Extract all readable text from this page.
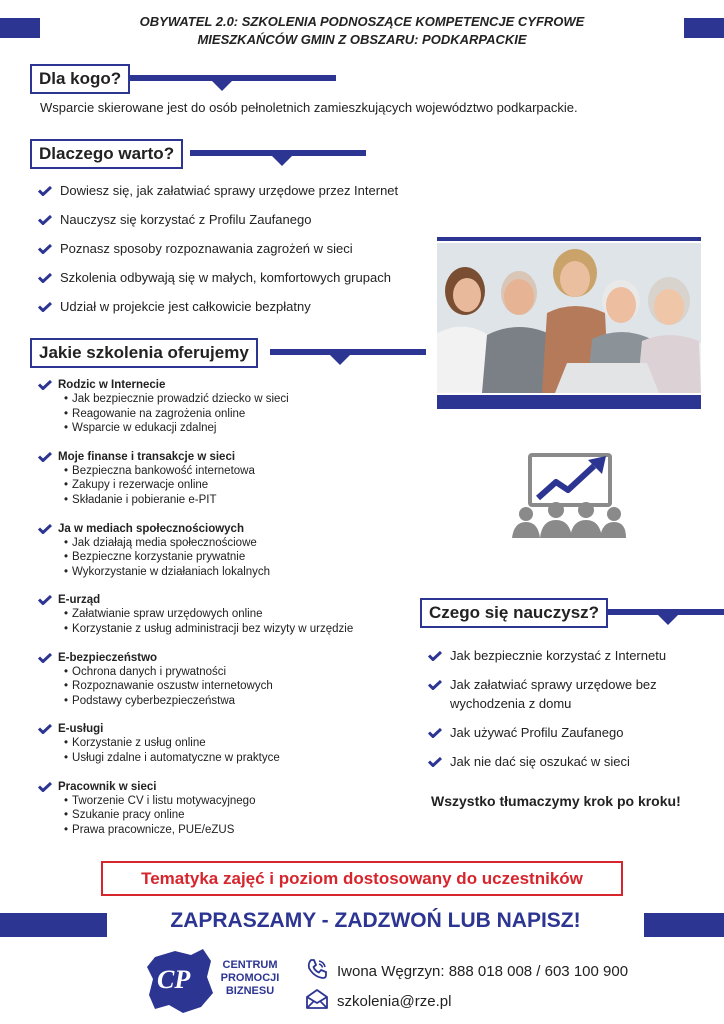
OBYWATEL 2.0: SZKOLENIA PODNOSZĄCE KOMPETENCJE CYFROWE
MIESZKAŃCÓW GMIN Z OBSZARU: PODKARPACKIE
Dla kogo?
Wsparcie skierowane jest do osób pełnoletnich zamieszkujących województwo podkarpackie.
Dlaczego warto?
Dowiesz się, jak załatwiać sprawy urzędowe przez Internet
Nauczysz się korzystać z Profilu Zaufanego
Poznasz sposoby rozpoznawania zagrożeń w sieci
Szkolenia odbywają się w małych, komfortowych grupach
Udział w projekcie jest całkowicie bezpłatny
Jakie szkolenia oferujemy
Rodzic w Internecie
• Jak bezpiecznie prowadzić dziecko w sieci
• Reagowanie na zagrożenia online
• Wsparcie w edukacji zdalnej
Moje finanse i transakcje w sieci
• Bezpieczna bankowość internetowa
• Zakupy i rezerwacje online
• Składanie i pobieranie e-PIT
Ja w mediach społecznościowych
• Jak działają media społecznościowe
• Bezpieczne korzystanie prywatnie
• Wykorzystanie w działaniach lokalnych
E-urząd
• Załatwianie spraw urzędowych online
• Korzystanie z usług administracji bez wizyty w urzędzie
E-bezpieczeństwo
• Ochrona danych i prywatności
• Rozpoznawanie oszustw internetowych
• Podstawy cyberbezpieczeństwa
E-usługi
• Korzystanie z usług online
• Usługi zdalne i automatyczne w praktyce
Pracownik w sieci
• Tworzenie CV i listu motywacyjnego
• Szukanie pracy online
• Prawa pracownicze, PUE/eZUS
Czego się nauczysz?
Jak bezpiecznie korzystać z Internetu
Jak załatwiać sprawy urzędowe bez wychodzenia z domu
Jak używać Profilu Zaufanego
Jak nie dać się oszukać w sieci
Wszystko tłumaczymy krok po kroku!
Tematyka zajęć i poziom dostosowany do uczestników
ZAPRASZAMY - ZADZWOŃ LUB NAPISZ!
CP	CENTRUM
PROMOCJI
BIZNESU
Iwona Węgrzyn: 888 018 008 / 603 100 900
szkolenia@rze.pl
